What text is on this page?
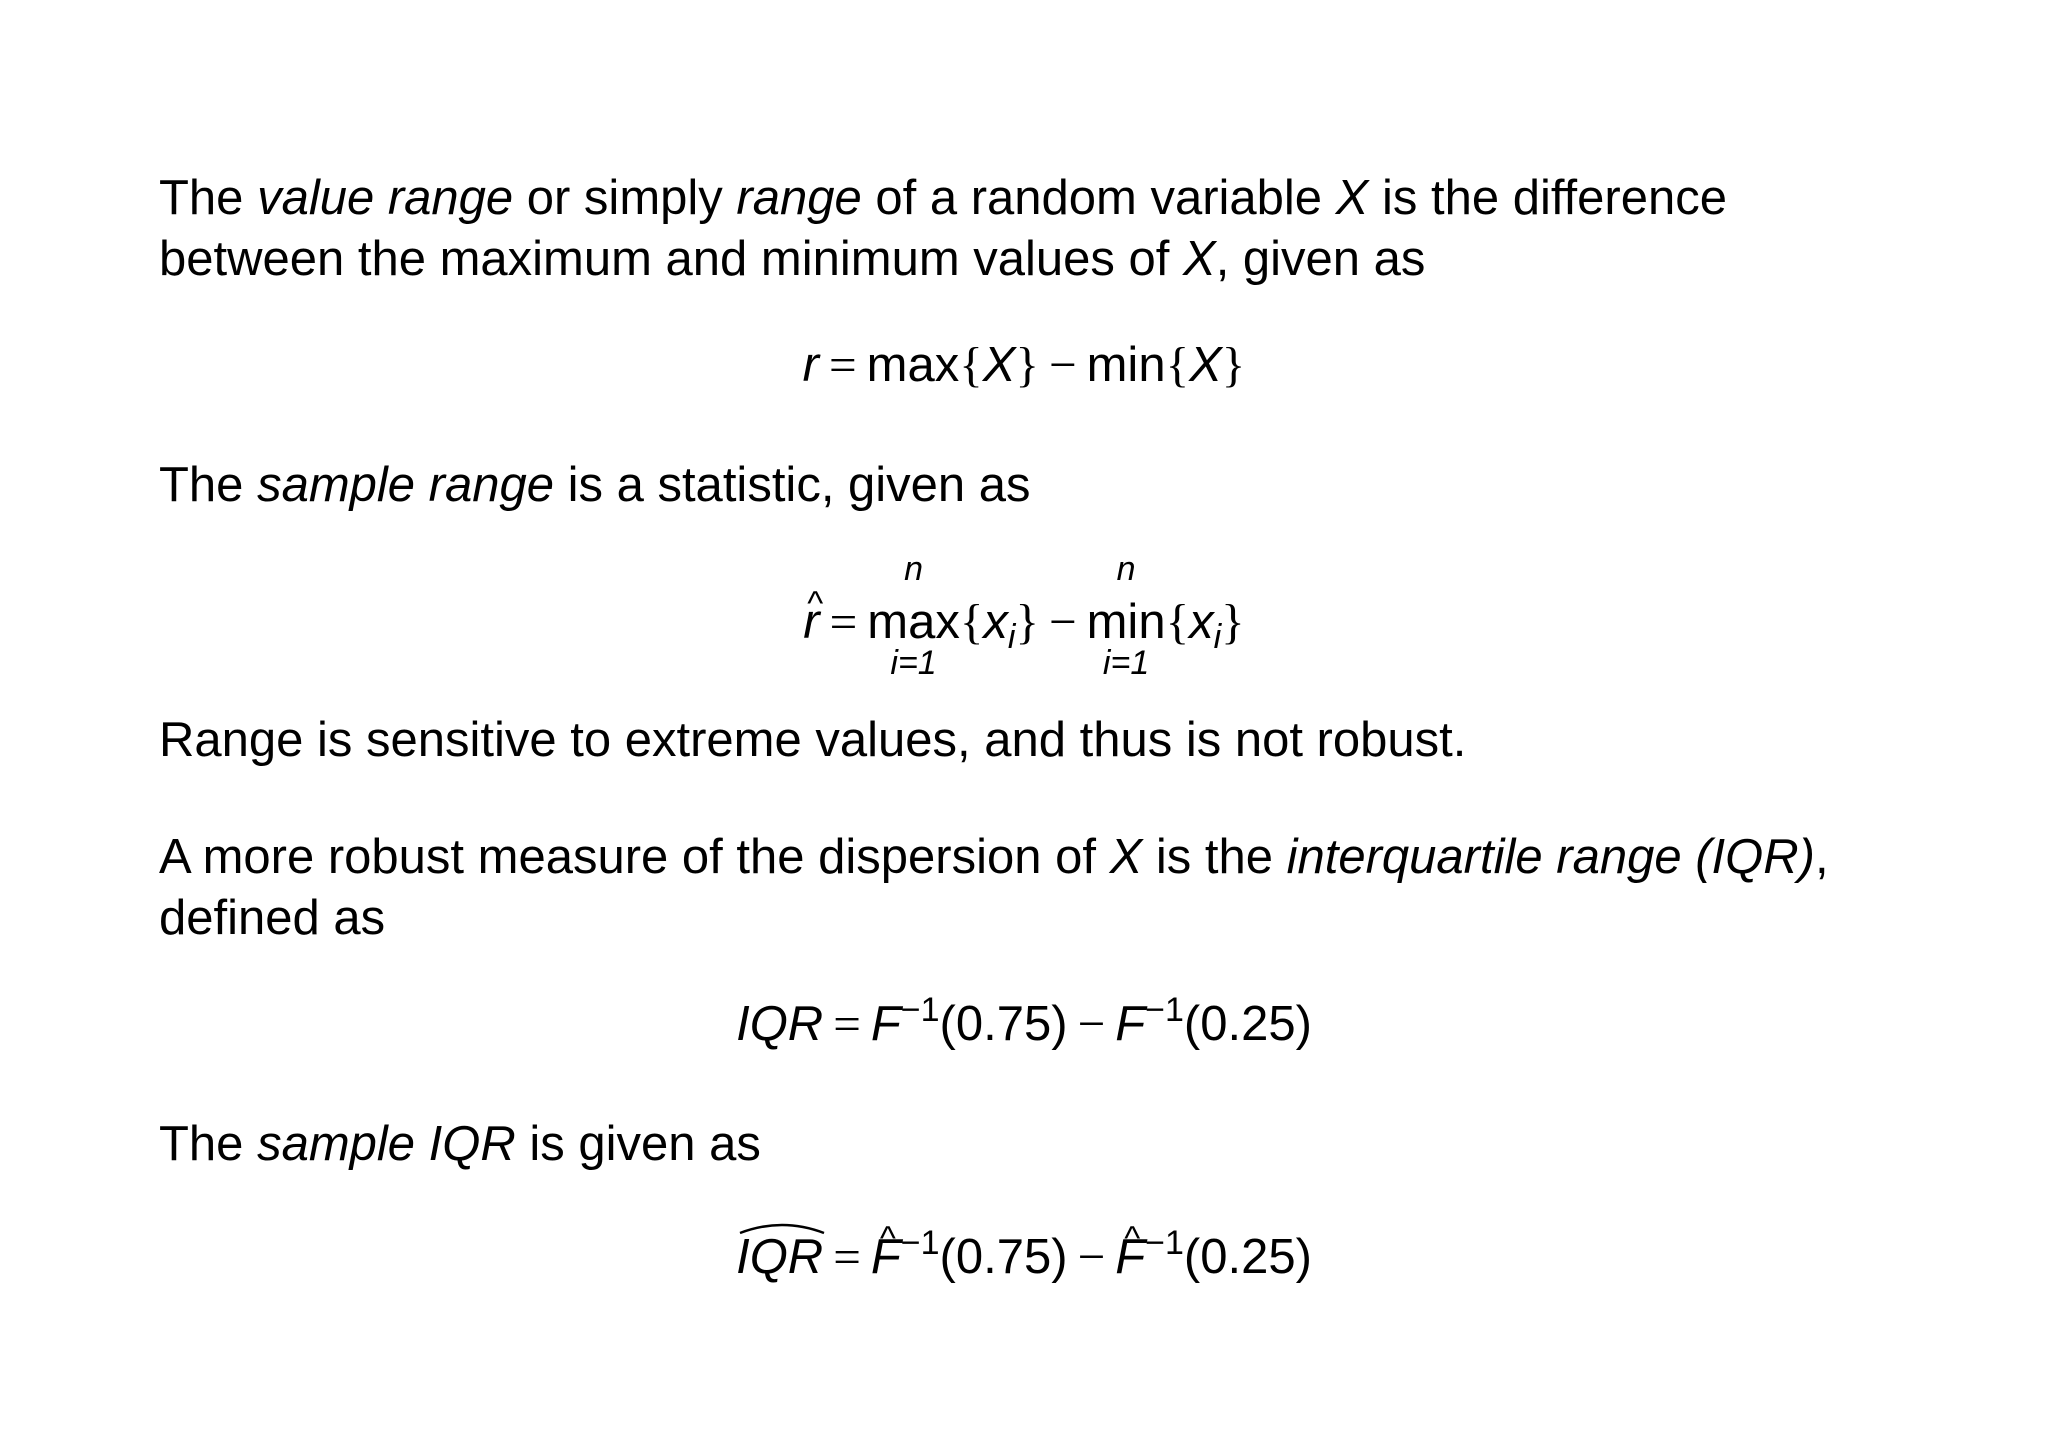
The value range or simply range of a random variable X is the difference between the maximum and minimum values of X, given as

r = max{X} − min{X}

The sample range is a statistic, given as

^ r =
n
max
i=1
$\{x_i\}$ −
n
min
i=1
$\{x_i\}$

Range is sensitive to extreme values, and thus is not robust.

A more robust measure of the dispersion of X is the interquartile range (IQR), defined as

IQR = $F^{-1}(0.75) - F^{-1}(0.25)$

The sample IQR is given as

IQR = ^ $F^{-1}(0.75)$ − ^ $F^{-1}(0.25)$
